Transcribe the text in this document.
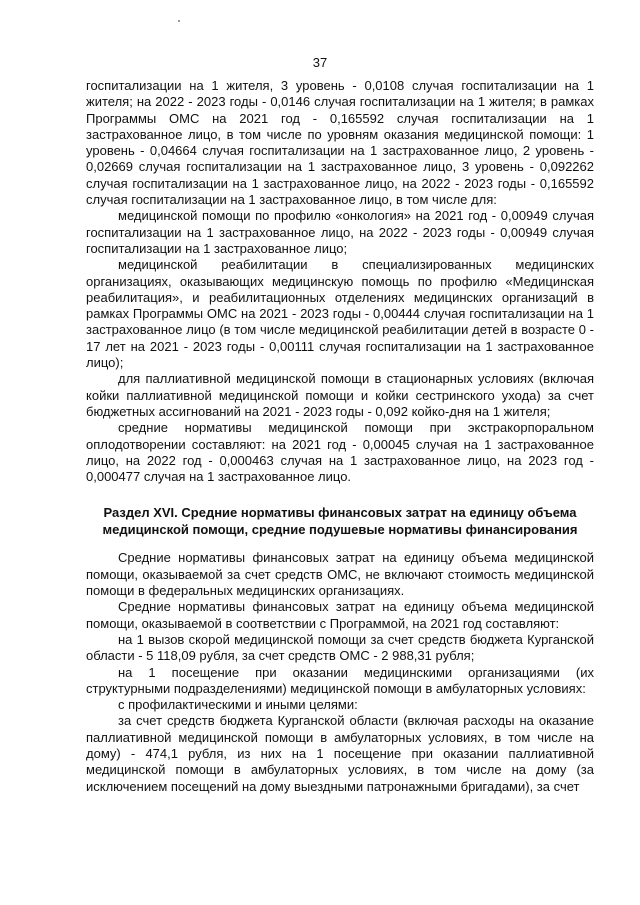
37

госпитализации на 1 жителя, 3 уровень - 0,0108 случая госпитализации на 1 жителя; на 2022 - 2023 годы - 0,0146 случая госпитализации на 1 жителя; в рамках Программы ОМС на 2021 год - 0,165592 случая госпитализации на 1 застрахованное лицо, в том числе по уровням оказания медицинской помощи: 1 уровень - 0,04664 случая госпитализации на 1 застрахованное лицо, 2 уровень - 0,02669 случая госпитализации на 1 застрахованное лицо, 3 уровень - 0,092262 случая госпитализации на 1 застрахованное лицо, на 2022 - 2023 годы - 0,165592 случая госпитализации на 1 застрахованное лицо, в том числе для:

медицинской помощи по профилю «онкология» на 2021 год - 0,00949 случая госпитализации на 1 застрахованное лицо, на 2022 - 2023 годы - 0,00949 случая госпитализации на 1 застрахованное лицо;

медицинской реабилитации в специализированных медицинских организациях, оказывающих медицинскую помощь по профилю «Медицинская реабилитация», и реабилитационных отделениях медицинских организаций в рамках Программы ОМС на 2021 - 2023 годы - 0,00444 случая госпитализации на 1 застрахованное лицо (в том числе медицинской реабилитации детей в возрасте 0 - 17 лет на 2021 - 2023 годы - 0,00111 случая госпитализации на 1 застрахованное лицо);

для паллиативной медицинской помощи в стационарных условиях (включая койки паллиативной медицинской помощи и койки сестринского ухода) за счет бюджетных ассигнований на 2021 - 2023 годы - 0,092 койко-дня на 1 жителя;

средние нормативы медицинской помощи при экстракорпоральном оплодотворении составляют: на 2021 год - 0,00045 случая на 1 застрахованное лицо, на 2022 год - 0,000463 случая на 1 застрахованное лицо, на 2023 год - 0,000477 случая на 1 застрахованное лицо.

Раздел XVI. Средние нормативы финансовых затрат на единицу объема медицинской помощи, средние подушевые нормативы финансирования

Средние нормативы финансовых затрат на единицу объема медицинской помощи, оказываемой за счет средств ОМС, не включают стоимость медицинской помощи в федеральных медицинских организациях.

Средние нормативы финансовых затрат на единицу объема медицинской помощи, оказываемой в соответствии с Программой, на 2021 год составляют:

на 1 вызов скорой медицинской помощи за счет средств бюджета Курганской области - 5 118,09 рубля, за счет средств ОМС - 2 988,31 рубля;

на 1 посещение при оказании медицинскими организациями (их структурными подразделениями) медицинской помощи в амбулаторных условиях:

с профилактическими и иными целями:

за счет средств бюджета Курганской области (включая расходы на оказание паллиативной медицинской помощи в амбулаторных условиях, в том числе на дому) - 474,1 рубля, из них на 1 посещение при оказании паллиативной медицинской помощи в амбулаторных условиях, в том числе на дому (за исключением посещений на дому выездными патронажными бригадами), за счет
